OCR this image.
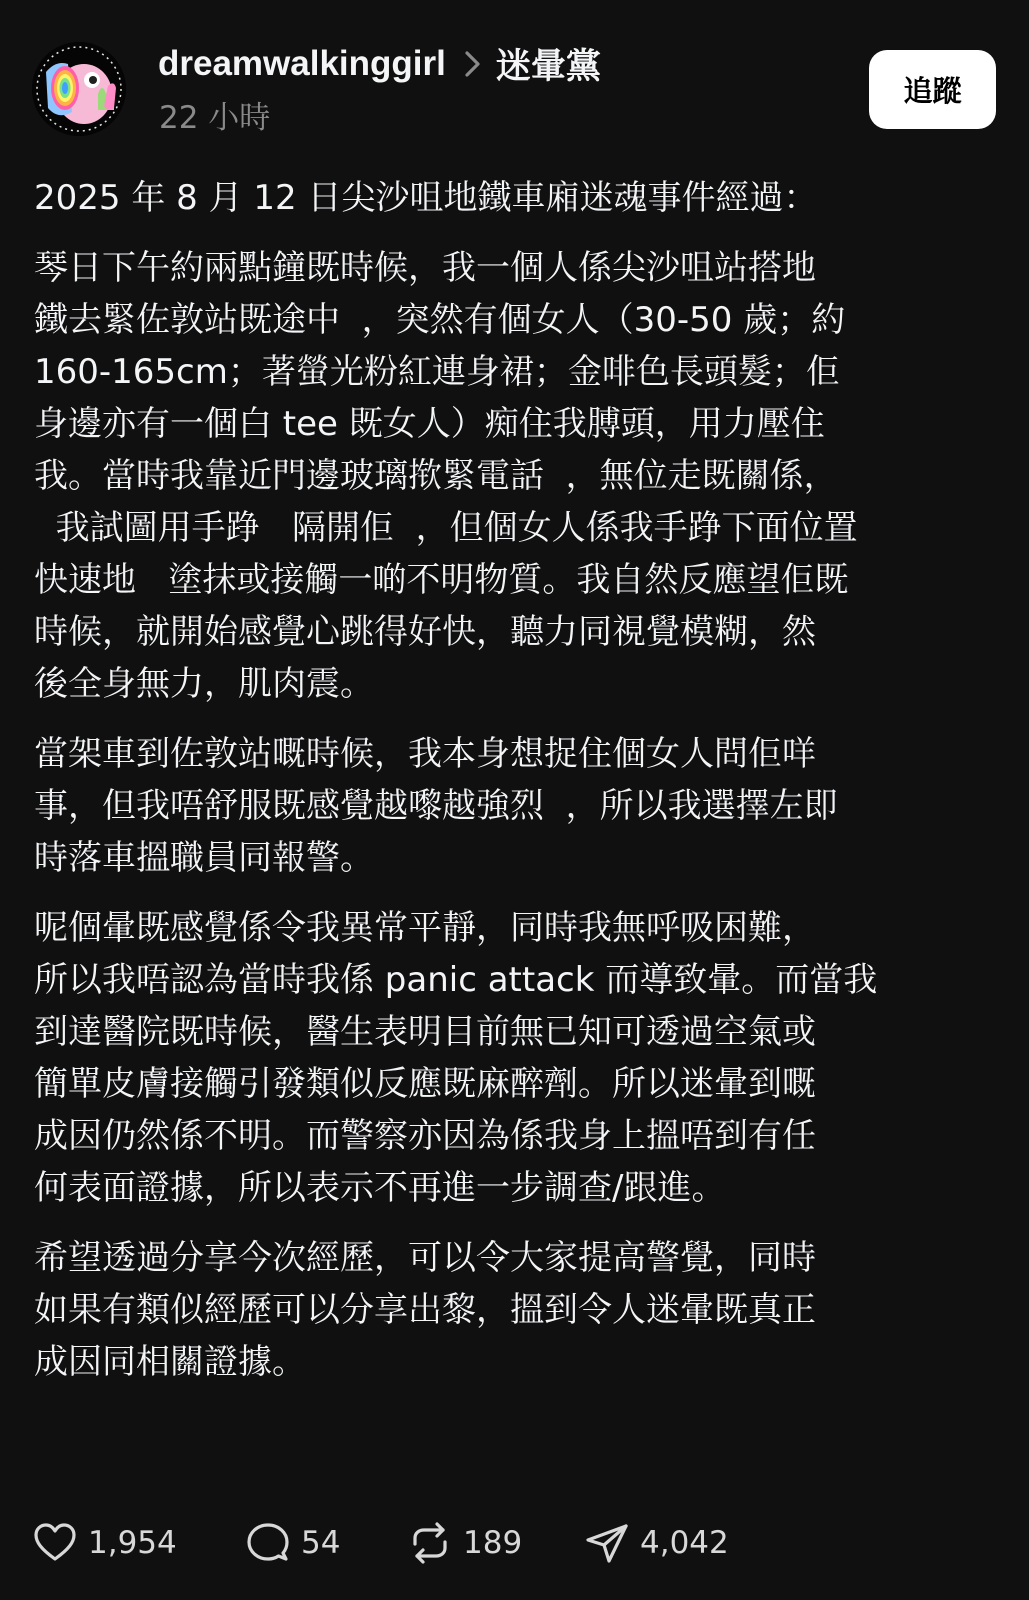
dreamwalkinggirl 迷暈黨
22 小時
追蹤

2025 年 8 月 12 日尖沙咀地鐵車廂迷魂事件經過：

琴日下午約兩點鐘既時候，我一個人係尖沙咀站搭地
鐵去緊佐敦站既途中  ，突然有個女人（30-50 歲；約
160-165cm；著螢光粉紅連身裙；金啡色長頭髮；佢
身邊亦有一個白 tee 既女人）痴住我膊頭，用力壓住
我。當時我靠近門邊玻璃揿緊電話  ，無位走既關係，
我試圖用手踭   隔開佢  ，但個女人係我手踭下面位置
快速地   塗抹或接觸一啲不明物質。我自然反應望佢既
時候，就開始感覺心跳得好快，聽力同視覺模糊，然
後全身無力，肌肉震。

當架車到佐敦站嘅時候，我本身想捉住個女人問佢咩
事，但我唔舒服既感覺越嚟越強烈  ，所以我選擇左即
時落車搵職員同報警。

呢個暈既感覺係令我異常平靜，同時我無呼吸困難，
所以我唔認為當時我係 panic attack 而導致暈。而當我
到達醫院既時候，醫生表明目前無已知可透過空氣或
簡單皮膚接觸引發類似反應既麻醉劑。所以迷暈到嘅
成因仍然係不明。而警察亦因為係我身上搵唔到有任
何表面證據，所以表示不再進一步調查/跟進。

希望透過分享今次經歷，可以令大家提高警覺，同時
如果有類似經歷可以分享出黎，搵到令人迷暈既真正
成因同相關證據。

1,954	54	189	4,042
